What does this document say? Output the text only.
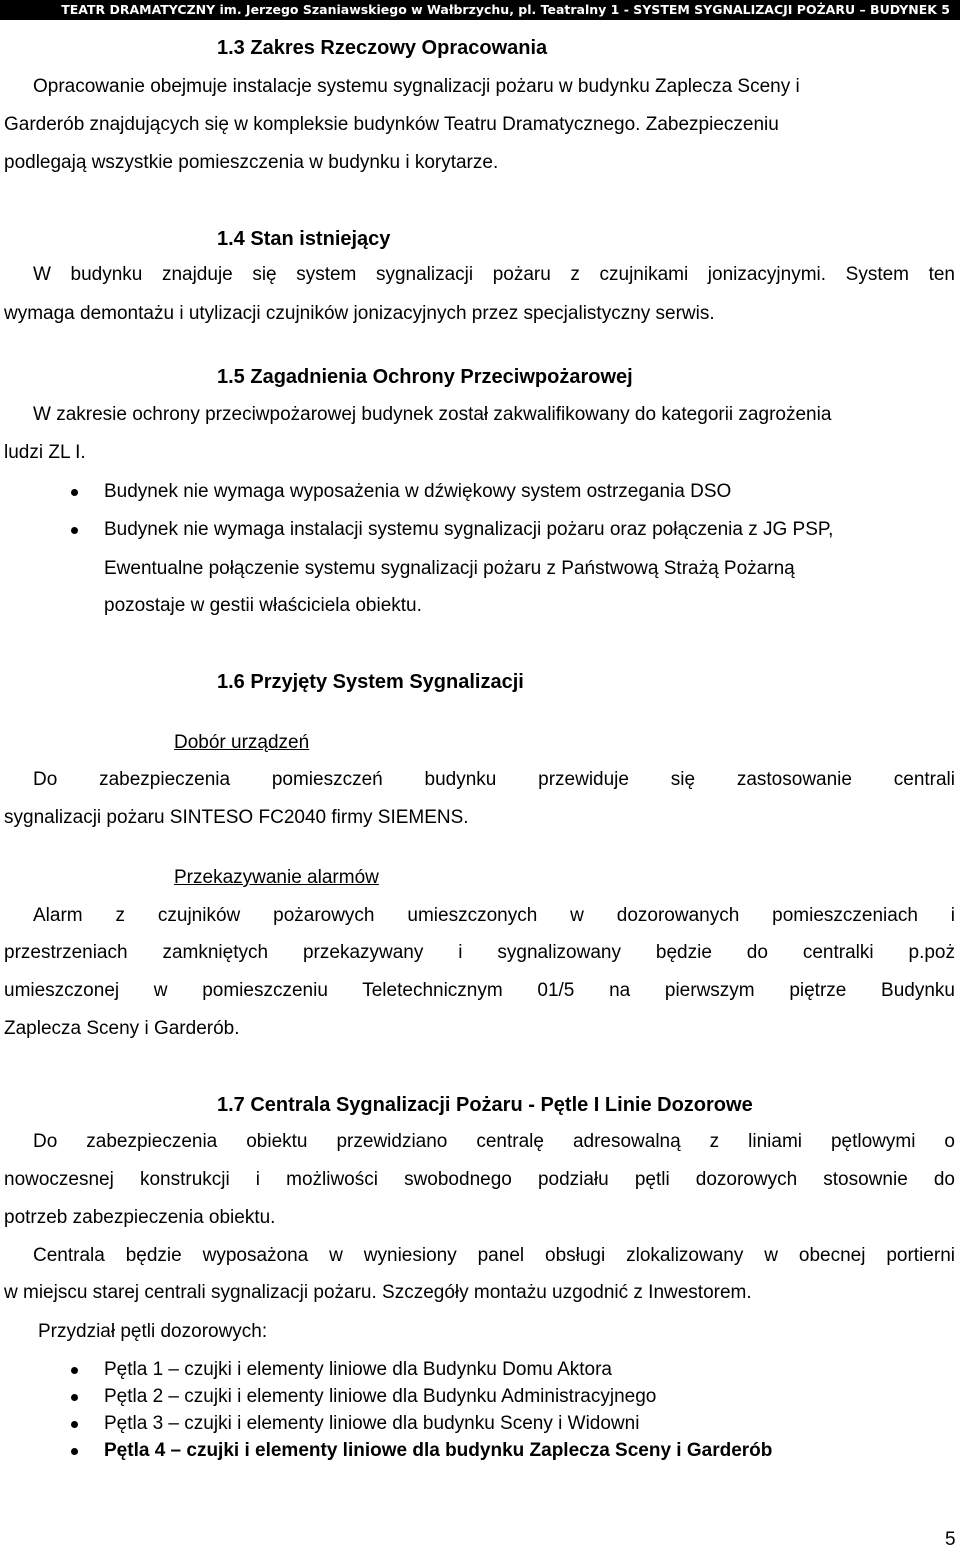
TEATR DRAMATYCZNY im. Jerzego Szaniawskiego w Wałbrzychu, pl. Teatralny 1 - SYSTEM SYGNALIZACJI POŻARU – BUDYNEK 5
1.3 Zakres Rzeczowy Opracowania
Opracowanie obejmuje instalacje systemu sygnalizacji pożaru w budynku Zaplecza Sceny i
Garderób znajdujących się w kompleksie budynków Teatru Dramatycznego. Zabezpieczeniu
podlegają wszystkie pomieszczenia w budynku i korytarze.
1.4 Stan istniejący
W budynku znajduje się system sygnalizacji pożaru z czujnikami jonizacyjnymi. System ten
wymaga demontażu i utylizacji czujników jonizacyjnych przez specjalistyczny serwis.
1.5 Zagadnienia Ochrony Przeciwpożarowej
W zakresie ochrony przeciwpożarowej budynek został zakwalifikowany do kategorii zagrożenia
ludzi ZL I.
Budynek nie wymaga wyposażenia w dźwiękowy system ostrzegania DSO
Budynek nie wymaga instalacji systemu sygnalizacji pożaru oraz połączenia z JG PSP,
Ewentualne połączenie systemu sygnalizacji pożaru z Państwową Strażą Pożarną
pozostaje w gestii właściciela obiektu.
1.6 Przyjęty System Sygnalizacji
Dobór urządzeń
Do zabezpieczenia pomieszczeń budynku przewiduje się zastosowanie centrali
sygnalizacji pożaru SINTESO FC2040 firmy SIEMENS.
Przekazywanie alarmów
Alarm z czujników pożarowych umieszczonych w dozorowanych pomieszczeniach i
przestrzeniach zamkniętych przekazywany i sygnalizowany będzie do centralki p.poż
umieszczonej w pomieszczeniu Teletechnicznym 01/5 na pierwszym piętrze Budynku
Zaplecza Sceny i Garderób.
1.7 Centrala Sygnalizacji Pożaru - Pętle I Linie Dozorowe
Do zabezpieczenia obiektu przewidziano centralę adresowalną z liniami pętlowymi o
nowoczesnej konstrukcji i możliwości swobodnego podziału pętli dozorowych stosownie do
potrzeb zabezpieczenia obiektu.
Centrala będzie wyposażona w wyniesiony panel obsługi zlokalizowany w obecnej portierni
w miejscu starej centrali sygnalizacji pożaru. Szczegóły montażu uzgodnić z Inwestorem.
Przydział pętli dozorowych:
Pętla 1 – czujki i elementy liniowe dla Budynku Domu Aktora
Pętla 2 – czujki i elementy liniowe dla Budynku Administracyjnego
Pętla 3 – czujki i elementy liniowe dla budynku Sceny i Widowni
Pętla 4 – czujki i elementy liniowe dla budynku Zaplecza Sceny i Garderób
5
